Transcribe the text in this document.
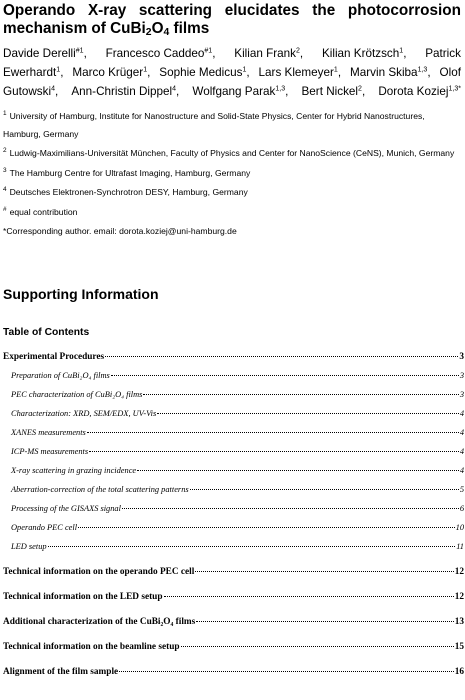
Operando X-ray scattering elucidates the photocorrosion
mechanism of $CuBi_2O_4$ films
Davide Derelli$^{\#1}$, Francesco Caddeo$^{\#1}$, Kilian Frank$^2$, Kilian Krötzsch$^1$, Patrick
Ewerhardt$^1$, Marco Krüger$^1$, Sophie Medicus$^1$, Lars Klemeyer$^1$, Marvin Skiba$^{1,3}$, Olof
Gutowski$^4$, Ann-Christin Dippel$^4$, Wolfgang Parak$^{1,3}$, Bert Nickel$^2$, Dorota Koziej$^{1,3*}$

$^1$ University of Hamburg, Institute for Nanostructure and Solid-State Physics, Center for Hybrid Nanostructures, Hamburg, Germany

$^2$ Ludwig-Maximilians-Universität München, Faculty of Physics and Center for NanoScience (CeNS), Munich, Germany

$^3$ The Hamburg Centre for Ultrafast Imaging, Hamburg, Germany

$^4$ Deutsches Elektronen-Synchrotron DESY, Hamburg, Germany

# equal contribution

*Corresponding author. email: dorota.koziej@uni-hamburg.de

Supporting Information
Table of Contents
Experimental Procedures	3
Preparation of CuBi₂O₄ films	3
PEC characterization of CuBi₂O₄ films	3
Characterization: XRD, SEM/EDX, UV-Vis	4
XANES measurements	4
ICP-MS measurements	4
X-ray scattering in grazing incidence	4
Aberration-correction of the total scattering patterns	5
Processing of the GISAXS signal	6
Operando PEC cell	10
LED setup	11
Technical information on the operando PEC cell	12
Technical information on the LED setup	12
Additional characterization of the CuBi₂O₄ films	13
Technical information on the beamline setup	15
Alignment of the film sample	16
